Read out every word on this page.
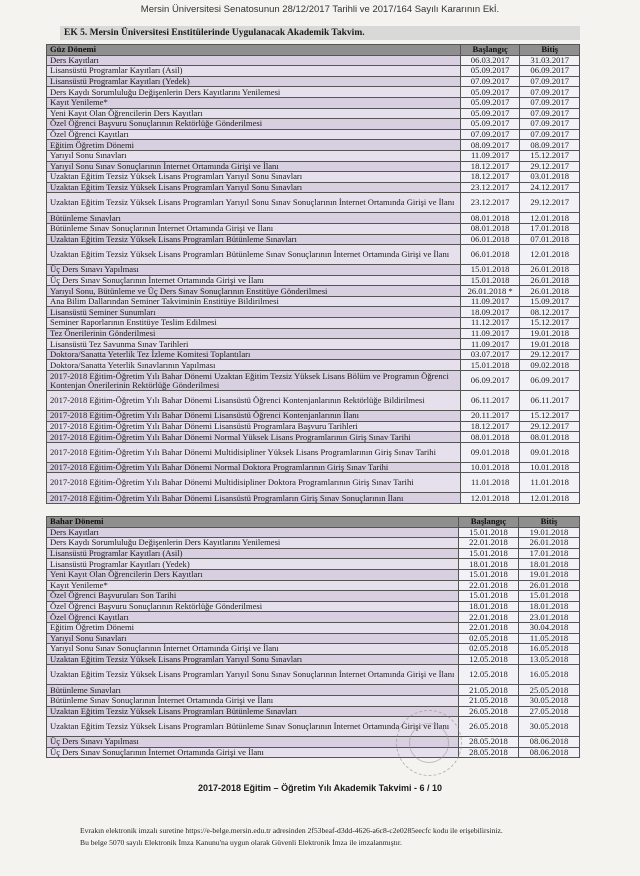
Mersin Üniversitesi Senatosunun 28/12/2017 Tarihli ve 2017/164 Sayılı Kararının Ekİ.
EK 5. Mersin Üniversitesi Enstitülerinde Uygulanacak Akademik Takvim.
Güz Dönemi	Başlangıç	Bitiş
Ders Kayıtları	06.03.2017	31.03.2017
Lisansüstü Programlar Kayıtları (Asil)	05.09.2017	06.09.2017
Lisansüstü Programlar Kayıtları (Yedek)	07.09.2017	07.09.2017
Ders Kaydı Sorumluluğu Değişenlerin Ders Kayıtlarını Yenilemesi	05.09.2017	07.09.2017
Kayıt Yenileme*	05.09.2017	07.09.2017
Yeni Kayıt Olan Öğrencilerin Ders Kayıtları	05.09.2017	07.09.2017
Özel Öğrenci Başvuru Sonuçlarının Rektörlüğe Gönderilmesi	05.09.2017	07.09.2017
Özel Öğrenci Kayıtları	07.09.2017	07.09.2017
Eğitim Öğretim Dönemi	08.09.2017	08.09.2017
Yarıyıl Sonu Sınavları	11.09.2017	15.12.2017
Yarıyıl Sonu Sınav Sonuçlarının İnternet Ortamında Girişi ve İlanı	18.12.2017	29.12.2017
Uzaktan Eğitim Tezsiz Yüksek Lisans Programları Yarıyıl Sonu Sınavları	18.12.2017	03.01.2018
Uzaktan Eğitim Tezsiz Yüksek Lisans Programları Yarıyıl Sonu Sınavları	23.12.2017	24.12.2017
Uzaktan Eğitim Tezsiz Yüksek Lisans Programları Yarıyıl Sonu Sınav Sonuçlarının İnternet Ortamında Girişi ve İlanı	23.12.2017	29.12.2017
Bütünleme Sınavları	08.01.2018	12.01.2018
Bütünleme Sınav Sonuçlarının İnternet Ortamında Girişi ve İlanı	08.01.2018	17.01.2018
Uzaktan Eğitim Tezsiz Yüksek Lisans Programları Bütünleme Sınavları	06.01.2018	07.01.2018
Uzaktan Eğitim Tezsiz Yüksek Lisans Programları Bütünleme Sınav Sonuçlarının İnternet Ortamında Girişi ve İlanı	06.01.2018	12.01.2018
Üç Ders Sınavı Yapılması	15.01.2018	26.01.2018
Üç Ders Sınav Sonuçlarının İnternet Ortamında Girişi ve İlanı	15.01.2018	26.01.2018
Yarıyıl Sonu, Bütünleme ve Üç Ders Sınav Sonuçlarının Enstitüye Gönderilmesi	26.01.2018 *	26.01.2018
Ana Bilim Dallarından Seminer Takviminin Enstitüye Bildirilmesi	11.09.2017	15.09.2017
Lisansüstü Seminer Sunumları	18.09.2017	08.12.2017
Seminer Raporlarının Enstitüye Teslim Edilmesi	11.12.2017	15.12.2017
Tez Önerilerinin Gönderilmesi	11.09.2017	19.01.2018
Lisansüstü Tez Savunma Sınav Tarihleri	11.09.2017	19.01.2018
Doktora/Sanatta Yeterlik Tez İzleme Komitesi Toplantıları	03.07.2017	29.12.2017
Doktora/Sanatta Yeterlik Sınavlarının Yapılması	15.01.2018	09.02.2018
2017-2018 Eğitim-Öğretim Yılı Bahar Dönemi Uzaktan Eğitim Tezsiz Yüksek Lisans Bölüm ve Programın Öğrenci Kontenjan Önerilerinin Rektörlüğe Gönderilmesi	06.09.2017	06.09.2017
2017-2018 Eğitim-Öğretim Yılı Bahar Dönemi Lisansüstü Öğrenci Kontenjanlarının Rektörlüğe Bildirilmesi	06.11.2017	06.11.2017
2017-2018 Eğitim-Öğretim Yılı Bahar Dönemi Lisansüstü Öğrenci Kontenjanlarının İlanı	20.11.2017	15.12.2017
2017-2018 Eğitim-Öğretim Yılı Bahar Dönemi Lisansüstü Programlara Başvuru Tarihleri	18.12.2017	29.12.2017
2017-2018 Eğitim-Öğretim Yılı Bahar Dönemi Normal Yüksek Lisans Programlarının Giriş Sınav Tarihi	08.01.2018	08.01.2018
2017-2018 Eğitim-Öğretim Yılı Bahar Dönemi Multidisipliner Yüksek Lisans Programlarının Giriş Sınav Tarihi	09.01.2018	09.01.2018
2017-2018 Eğitim-Öğretim Yılı Bahar Dönemi Normal Doktora Programlarının Giriş Sınav Tarihi	10.01.2018	10.01.2018
2017-2018 Eğitim-Öğretim Yılı Bahar Dönemi Multidisipliner Doktora Programlarının Giriş Sınav Tarihi	11.01.2018	11.01.2018
2017-2018 Eğitim-Öğretim Yılı Bahar Dönemi Lisansüstü Programların Giriş Sınav Sonuçlarının İlanı	12.01.2018	12.01.2018
Bahar Dönemi	Başlangıç	Bitiş
Ders Kayıtları	15.01.2018	19.01.2018
Ders Kaydı Sorumluluğu Değişenlerin Ders Kayıtlarını Yenilemesi	22.01.2018	26.01.2018
Lisansüstü Programlar Kayıtları (Asil)	15.01.2018	17.01.2018
Lisansüstü Programlar Kayıtları (Yedek)	18.01.2018	18.01.2018
Yeni Kayıt Olan Öğrencilerin Ders Kayıtları	15.01.2018	19.01.2018
Kayıt Yenileme*	22.01.2018	26.01.2018
Özel Öğrenci Başvuruları Son Tarihi	15.01.2018	15.01.2018
Özel Öğrenci Başvuru Sonuçlarının Rektörlüğe Gönderilmesi	18.01.2018	18.01.2018
Özel Öğrenci Kayıtları	22.01.2018	23.01.2018
Eğitim Öğretim Dönemi	22.01.2018	30.04.2018
Yarıyıl Sonu Sınavları	02.05.2018	11.05.2018
Yarıyıl Sonu Sınav Sonuçlarının İnternet Ortamında Girişi ve İlanı	02.05.2018	16.05.2018
Uzaktan Eğitim Tezsiz Yüksek Lisans Programları Yarıyıl Sonu Sınavları	12.05.2018	13.05.2018
Uzaktan Eğitim Tezsiz Yüksek Lisans Programları Yarıyıl Sonu Sınav Sonuçlarının İnternet Ortamında Girişi ve İlanı	12.05.2018	16.05.2018
Bütünleme Sınavları	21.05.2018	25.05.2018
Bütünleme Sınav Sonuçlarının İnternet Ortamında Girişi ve İlanı	21.05.2018	30.05.2018
Uzaktan Eğitim Tezsiz Yüksek Lisans Programları Bütünleme Sınavları	26.05.2018	27.05.2018
Uzaktan Eğitim Tezsiz Yüksek Lisans Programları Bütünleme Sınav Sonuçlarının İnternet Ortamında Girişi ve İlanı	26.05.2018	30.05.2018
Üç Ders Sınavı Yapılması	28.05.2018	08.06.2018
Üç Ders Sınav Sonuçlarının İnternet Ortamında Girişi ve İlanı	28.05.2018	08.06.2018
2017-2018 Eğitim – Öğretim Yılı Akademik Takvimi - 6 / 10
Evrakın elektronik imzalı suretine https://e-belge.mersin.edu.tr adresinden 2f53beaf-d3dd-4626-a6c8-c2e0285eecfc kodu ile erişebilirsiniz.
Bu belge 5070 sayılı Elektronik İmza Kanunu'na uygun olarak Güvenli Elektronik İmza ile imzalanmıştır.
